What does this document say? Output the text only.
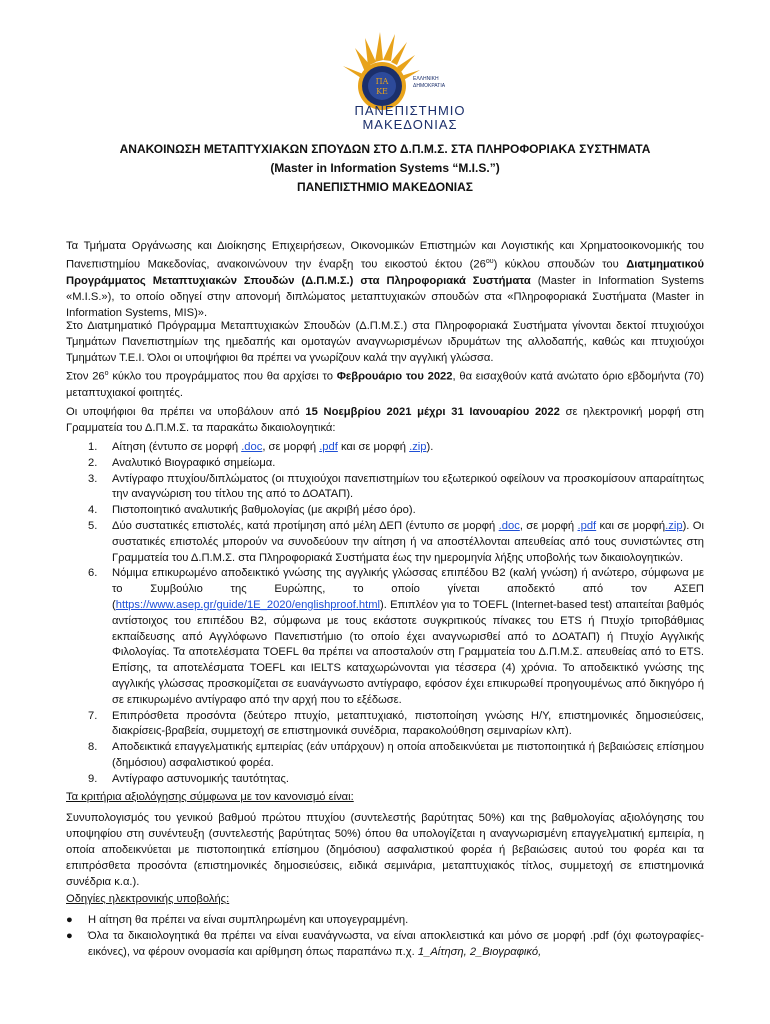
ΠΑ
ΚΕ
ΕΛΛΗΝΙΚΗ
ΔΗΜΟΚΡΑΤΙΑ
ΠΑΝΕΠΙΣΤΗΜΙΟ
ΜΑΚΕΔΟΝΙΑΣ
ΑΝΑΚΟΙΝΩΣΗ ΜΕΤΑΠΤΥΧΙΑΚΩΝ ΣΠΟΥΔΩΝ ΣΤΟ Δ.Π.Μ.Σ. ΣΤΑ ΠΛΗΡΟΦΟΡΙΑΚΑ ΣΥΣΤΗΜΑΤΑ
(Master in Information Systems “M.I.S.”)
ΠΑΝΕΠΙΣΤΗΜΙΟ ΜΑΚΕΔΟΝΙΑΣ
Τα Τμήματα Οργάνωσης και Διοίκησης Επιχειρήσεων, Οικονομικών Επιστημών και Λογιστικής και Χρηματοοικονομικής του Πανεπιστημίου Μακεδονίας, ανακοινώνουν την έναρξη του εικοστού έκτου $(26^{o\upsilon})$ κύκλου σπουδών του Διατμηματικού Προγράμματος Μεταπτυχιακών Σπουδών (Δ.Π.Μ.Σ.) στα Πληροφοριακά Συστήματα (Master in Information Systems «M.I.S.»), το οποίο οδηγεί στην απονομή διπλώματος μεταπτυχιακών σπουδών στα «Πληροφοριακά Συστήματα (Master in Information Systems, MIS)».
Στο Διατμηματικό Πρόγραμμα Μεταπτυχιακών Σπουδών (Δ.Π.Μ.Σ.) στα Πληροφοριακά Συστήματα γίνονται δεκτοί πτυχιούχοι Τμημάτων Πανεπιστημίων της ημεδαπής και ομοταγών αναγνωρισμένων ιδρυμάτων της αλλοδαπής, καθώς και πτυχιούχοι Τμημάτων Τ.Ε.Ι. Όλοι οι υποψήφιοι θα πρέπει να γνωρίζουν καλά την αγγλική γλώσσα.
Στον $26^o$ κύκλο του προγράμματος που θα αρχίσει το Φεβρουάριο του 2022, θα εισαχθούν κατά ανώτατο όριο εβδομήντα (70) μεταπτυχιακοί φοιτητές.
Οι υποψήφιοι θα πρέπει να υποβάλουν από 15 Νοεμβρίου 2021 μέχρι 31 Ιανουαρίου 2022 σε ηλεκτρονική μορφή στη Γραμματεία του Δ.Π.Μ.Σ. τα παρακάτω δικαιολογητικά:
1. Αίτηση (έντυπο σε μορφή .doc, σε μορφή .pdf και σε μορφή .zip).
2. Αναλυτικό Βιογραφικό σημείωμα.
3. Αντίγραφο πτυχίου/διπλώματος (οι πτυχιούχοι πανεπιστημίων του εξωτερικού οφείλουν να προσκομίσουν απαραίτητως την αναγνώριση του τίτλου της από το ΔΟΑΤΑΠ).
4. Πιστοποιητικό αναλυτικής βαθμολογίας (με ακριβή μέσο όρο).
5. Δύο συστατικές επιστολές, κατά προτίμηση από μέλη ΔΕΠ (έντυπο σε μορφή .doc, σε μορφή .pdf και σε μορφή.zip). Οι συστατικές επιστολές μπορούν να συνοδεύουν την αίτηση ή να αποστέλλονται απευθείας από τους συνιστώντες στη Γραμματεία του Δ.Π.Μ.Σ. στα Πληροφοριακά Συστήματα έως την ημερομηνία λήξης υποβολής των δικαιολογητικών.
6. Νόμιμα επικυρωμένο αποδεικτικό γνώσης της αγγλικής γλώσσας επιπέδου Β2 (καλή γνώση) ή ανώτερο, σύμφωνα με το Συμβούλιο της Ευρώπης, το οποίο γίνεται αποδεκτό από τον ΑΣΕΠ (https://www.asep.gr/guide/1E_2020/englishproof.html). Επιπλέον για το TOEFL (Internet-based test) απαιτείται βαθμός αντίστοιχος του επιπέδου Β2, σύμφωνα με τους εκάστοτε συγκριτικούς πίνακες του ETS ή Πτυχίο τριτοβάθμιας εκπαίδευσης από Αγγλόφωνο Πανεπιστήμιο (το οποίο έχει αναγνωρισθεί από το ΔΟΑΤΑΠ) ή Πτυχίο Αγγλικής Φιλολογίας. Τα αποτελέσματα TOEFL θα πρέπει να αποσταλούν στη Γραμματεία του Δ.Π.Μ.Σ. απευθείας από το ETS. Επίσης, τα αποτελέσματα TOEFL και IELTS καταχωρώνονται για τέσσερα (4) χρόνια. Το αποδεικτικό γνώσης της αγγλικής γλώσσας προσκομίζεται σε ευανάγνωστο αντίγραφο, εφόσον έχει επικυρωθεί προηγουμένως από δικηγόρο ή σε επικυρωμένο αντίγραφο από την αρχή που το εξέδωσε.
7. Επιπρόσθετα προσόντα (δεύτερο πτυχίο, μεταπτυχιακό, πιστοποίηση γνώσης Η/Υ, επιστημονικές δημοσιεύσεις, διακρίσεις-βραβεία, συμμετοχή σε επιστημονικά συνέδρια, παρακολούθηση σεμιναρίων κλπ).
8. Αποδεικτικά επαγγελματικής εμπειρίας (εάν υπάρχουν) η οποία αποδεικνύεται με πιστοποιητικά ή βεβαιώσεις επίσημου (δημόσιου) ασφαλιστικού φορέα.
9. Αντίγραφο αστυνομικής ταυτότητας.
Τα κριτήρια αξιολόγησης σύμφωνα με τον κανονισμό είναι:
Συνυπολογισμός του γενικού βαθμού πρώτου πτυχίου (συντελεστής βαρύτητας 50%) και της βαθμολογίας αξιολόγησης του υποψηφίου στη συνέντευξη (συντελεστής βαρύτητας 50%) όπου θα υπολογίζεται η αναγνωρισμένη επαγγελματική εμπειρία, η οποία αποδεικνύεται με πιστοποιητικά επίσημου (δημόσιου) ασφαλιστικού φορέα ή βεβαιώσεις αυτού του φορέα και τα επιπρόσθετα προσόντα (επιστημονικές δημοσιεύσεις, ειδικά σεμινάρια, μεταπτυχιακός τίτλος, συμμετοχή σε επιστημονικά συνέδρια κ.α.).
Οδηγίες ηλεκτρονικής υποβολής:
● Η αίτηση θα πρέπει να είναι συμπληρωμένη και υπογεγραμμένη.
● Όλα τα δικαιολογητικά θα πρέπει να είναι ευανάγνωστα, να είναι αποκλειστικά και μόνο σε μορφή .pdf (όχι φωτογραφίες-εικόνες), να φέρουν ονομασία και αρίθμηση όπως παραπάνω π.χ. 1_Αίτηση, 2_Βιογραφικό,
